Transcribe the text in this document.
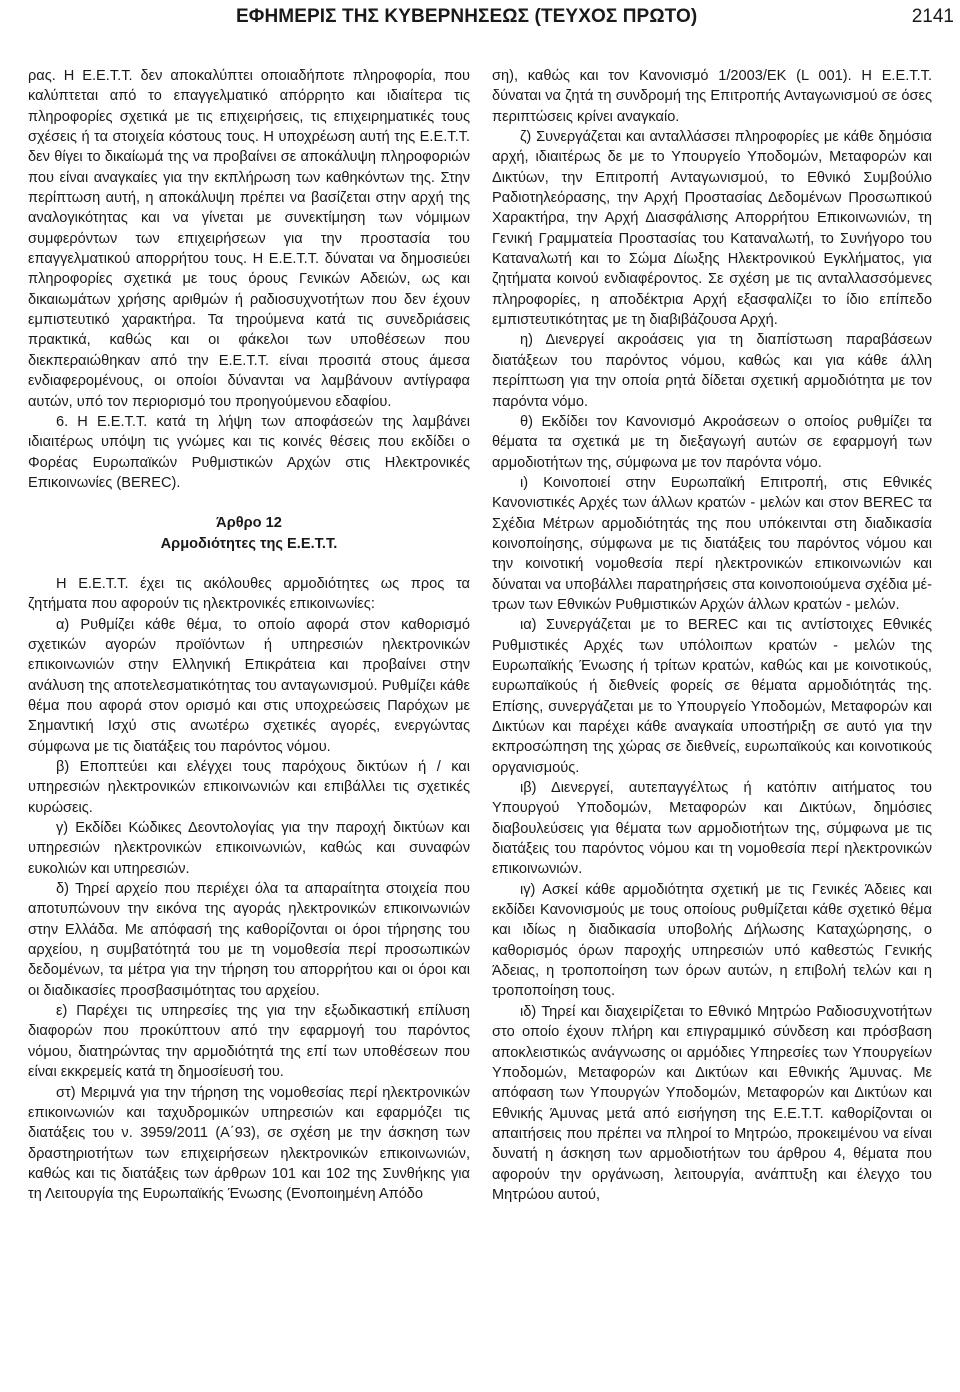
ΕΦΗΜΕΡΙΣ ΤΗΣ ΚΥΒΕΡΝΗΣΕΩΣ (ΤΕΥΧΟΣ ΠΡΩΤΟ)	2141

ρας. Η Ε.Ε.Τ.Τ. δεν αποκαλύπτει οποιαδήποτε πληροφορία, που καλύπτεται από το επαγγελματικό απόρρητο και ιδιαίτερα τις πληροφορίες σχετικά με τις επιχειρήσεις, τις επιχειρηματικές τους σχέσεις ή τα στοιχεία κόστους τους. Η υποχρέωση αυτή της Ε.Ε.Τ.Τ. δεν θίγει το δικαίωμά της να προβαίνει σε αποκάλυψη πληροφοριών που είναι αναγκαίες για την εκπλήρωση των καθηκόντων της. Στην περίπτωση αυτή, η αποκάλυψη πρέπει να βασίζεται στην αρχή της αναλογικότητας και να γίνεται με συνεκτίμηση των νόμιμων συμφερόντων των επιχειρήσεων για την προστασία του επαγγελματικού απορρήτου τους. Η Ε.Ε.Τ.Τ. δύναται να δημοσιεύει πληροφορίες σχετικά με τους όρους Γενικών Αδειών, ως και δικαιωμάτων χρήσης αριθμών ή ραδιοσυχνοτήτων που δεν έχουν εμπιστευτικό χαρακτήρα. Τα τηρούμενα κατά τις συνεδριάσεις πρακτικά, καθώς και οι φάκελοι των υποθέσεων που διεκπεραιώθηκαν από την Ε.Ε.Τ.Τ. είναι προσιτά στους άμεσα ενδιαφερομένους, οι οποίοι δύνανται να λαμβάνουν αντίγραφα αυτών, υπό τον περιορισμό του προηγούμενου εδαφίου.

6. Η Ε.Ε.Τ.Τ. κατά τη λήψη των αποφάσεών της λαμβάνει ιδιαιτέρως υπόψη τις γνώμες και τις κοινές θέσεις που εκδίδει ο Φορέας Ευρωπαϊκών Ρυθμιστικών Αρχών στις Ηλεκτρονικές Επικοινωνίες (BEREC).

Άρθρο 12

Αρμοδιότητες της Ε.Ε.Τ.Τ.

Η Ε.Ε.Τ.Τ. έχει τις ακόλουθες αρμοδιότητες ως προς τα ζητήματα που αφορούν τις ηλεκτρονικές επικοινωνίες:

α) Ρυθμίζει κάθε θέμα, το οποίο αφορά στον καθορισμό σχετικών αγορών προϊόντων ή υπηρεσιών ηλεκτρονικών επικοινωνιών στην Ελληνική Επικράτεια και προβαίνει στην ανάλυση της αποτελεσματικότητας του ανταγωνισμού. Ρυθμίζει κάθε θέμα που αφορά στον ορισμό και στις υποχρεώσεις Παρόχων με Σημαντική Ισχύ στις ανωτέρω σχετικές αγορές, ενεργώντας σύμφωνα με τις διατάξεις του παρόντος νόμου.

β) Εποπτεύει και ελέγχει τους παρόχους δικτύων ή / και υπηρεσιών ηλεκτρονικών επικοινωνιών και επιβάλλει τις σχετικές κυρώσεις.

γ) Εκδίδει Κώδικες Δεοντολογίας για την παροχή δικτύων και υπηρεσιών ηλεκτρονικών επικοινωνιών, καθώς και συναφών ευκολιών και υπηρεσιών.

δ) Τηρεί αρχείο που περιέχει όλα τα απαραίτητα στοιχεία που αποτυπώνουν την εικόνα της αγοράς ηλεκτρονικών επικοινωνιών στην Ελλάδα. Με απόφασή της καθορίζονται οι όροι τήρησης του αρχείου, η συμβατότητά του με τη νομοθεσία περί προσωπικών δεδομένων, τα μέτρα για την τήρηση του απορρήτου και οι όροι και οι διαδικασίες προσβασιμότητας του αρχείου.

ε) Παρέχει τις υπηρεσίες της για την εξωδικαστική επίλυση διαφορών που προκύπτουν από την εφαρμογή του παρόντος νόμου, διατηρώντας την αρμοδιότητά της επί των υποθέσεων που είναι εκκρεμείς κατά τη δημοσίευσή του.

στ) Μεριμνά για την τήρηση της νομοθεσίας περί ηλεκτρονικών επικοινωνιών και ταχυδρομικών υπηρεσιών και εφαρμόζει τις διατάξεις του ν. 3959/2011 (Α΄93), σε σχέση με την άσκηση των δραστηριοτήτων των επιχειρήσεων ηλεκτρονικών επικοινωνιών, καθώς και τις διατάξεις των άρθρων 101 και 102 της Συνθήκης για τη Λειτουργία της Ευρωπαϊκής Ένωσης (Ενοποιημένη Απόδο

ση), καθώς και τον Κανονισμό 1/2003/ΕΚ (L 001). Η Ε.Ε.Τ.Τ. δύναται να ζητά τη συνδρομή της Επιτροπής Ανταγωνισμού σε όσες περιπτώσεις κρίνει αναγκαίο.

ζ) Συνεργάζεται και ανταλλάσσει πληροφορίες με κάθε δημόσια αρχή, ιδιαιτέρως δε με το Υπουργείο Υποδομών, Μεταφορών και Δικτύων, την Επιτροπή Ανταγωνισμού, το Εθνικό Συμβούλιο Ραδιοτηλεόρασης, την Αρχή Προστασίας Δεδομένων Προσωπικού Χαρακτήρα, την Αρχή Διασφάλισης Απορρήτου Επικοινωνιών, τη Γενική Γραμματεία Προστασίας του Καταναλωτή, το Συνήγορο του Καταναλωτή και το Σώμα Δίωξης Ηλεκτρονικού Εγκλήματος, για ζητήματα κοινού ενδιαφέροντος. Σε σχέση με τις ανταλλασσόμενες πληροφορίες, η αποδέκτρια Αρχή εξασφαλίζει το ίδιο επίπεδο εμπιστευτικότητας με τη διαβιβάζουσα Αρχή.

η) Διενεργεί ακροάσεις για τη διαπίστωση παραβάσεων διατάξεων του παρόντος νόμου, καθώς και για κάθε άλλη περίπτωση για την οποία ρητά δίδεται σχετική αρμοδιότητα με τον παρόντα νόμο.

θ) Εκδίδει τον Κανονισμό Ακροάσεων ο οποίος ρυθμίζει τα θέματα τα σχετικά με τη διεξαγωγή αυτών σε εφαρμογή των αρμοδιοτήτων της, σύμφωνα με τον παρόντα νόμο.

ι) Κοινοποιεί στην Ευρωπαϊκή Επιτροπή, στις Εθνικές Κανονιστικές Αρχές των άλλων κρατών - μελών και στον BEREC τα Σχέδια Μέτρων αρμοδιότητάς της που υπόκεινται στη διαδικασία κοινοποίησης, σύμφωνα με τις διατάξεις του παρόντος νόμου και την κοινοτική νομοθεσία περί ηλεκτρονικών επικοινωνιών και δύναται να υποβάλλει παρατηρήσεις στα κοινοποιούμενα σχέδια μέτρων των Εθνικών Ρυθμιστικών Αρχών άλλων κρατών - μελών.

ια) Συνεργάζεται με το BEREC και τις αντίστοιχες Εθνικές Ρυθμιστικές Αρχές των υπόλοιπων κρατών - μελών της Ευρωπαϊκής Ένωσης ή τρίτων κρατών, καθώς και με κοινοτικούς, ευρωπαϊκούς ή διεθνείς φορείς σε θέματα αρμοδιότητάς της. Επίσης, συνεργάζεται με το Υπουργείο Υποδομών, Μεταφορών και Δικτύων και παρέχει κάθε αναγκαία υποστήριξη σε αυτό για την εκπροσώπηση της χώρας σε διεθνείς, ευρωπαϊκούς και κοινοτικούς οργανισμούς.

ιβ) Διενεργεί, αυτεπαγγέλτως ή κατόπιν αιτήματος του Υπουργού Υποδομών, Μεταφορών και Δικτύων, δημόσιες διαβουλεύσεις για θέματα των αρμοδιοτήτων της, σύμφωνα με τις διατάξεις του παρόντος νόμου και τη νομοθεσία περί ηλεκτρονικών επικοινωνιών.

ιγ) Ασκεί κάθε αρμοδιότητα σχετική με τις Γενικές Άδειες και εκδίδει Κανονισμούς με τους οποίους ρυθμίζεται κάθε σχετικό θέμα και ιδίως η διαδικασία υποβολής Δήλωσης Καταχώρησης, ο καθορισμός όρων παροχής υπηρεσιών υπό καθεστώς Γενικής Άδειας, η τροποποίηση των όρων αυτών, η επιβολή τελών και η τροποποίηση τους.

ιδ) Τηρεί και διαχειρίζεται το Εθνικό Μητρώο Ραδιοσυχνοτήτων στο οποίο έχουν πλήρη και επιγραμμικό σύνδεση και πρόσβαση αποκλειστικώς ανάγνωσης οι αρμόδιες Υπηρεσίες των Υπουργείων Υποδομών, Μεταφορών και Δικτύων και Εθνικής Άμυνας. Με απόφαση των Υπουργών Υποδομών, Μεταφορών και Δικτύων και Εθνικής Άμυνας μετά από εισήγηση της Ε.Ε.Τ.Τ. καθορίζονται οι απαιτήσεις που πρέπει να πληροί το Μητρώο, προκειμένου να είναι δυνατή η άσκηση των αρμοδιοτήτων του άρθρου 4, θέματα που αφορούν την οργάνωση, λειτουργία, ανάπτυξη και έλεγχο του Μητρώου αυτού,
